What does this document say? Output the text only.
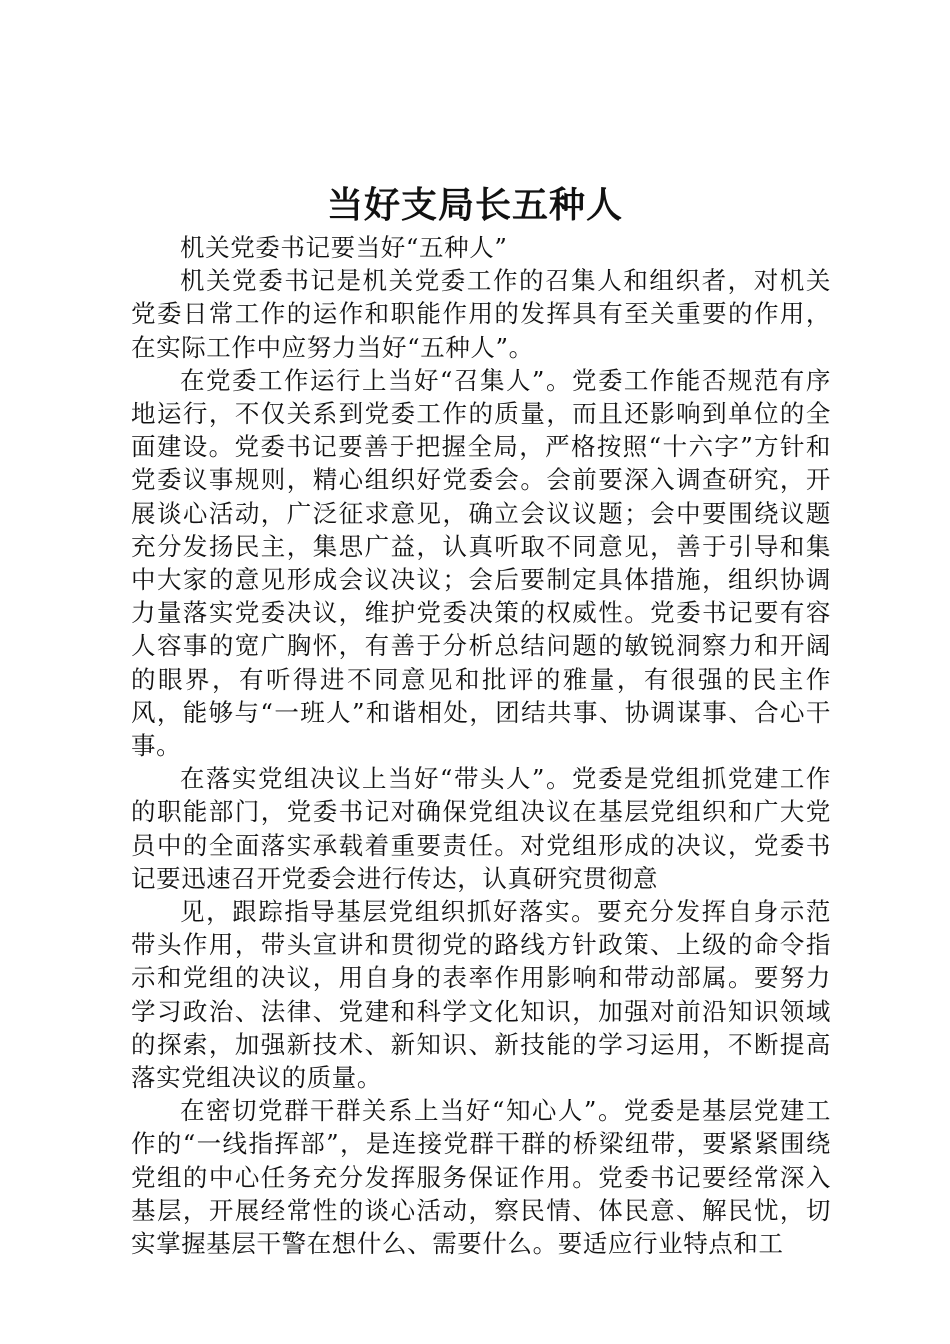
当好支局长五种人

机关党委书记要当好“五种人”

机关党委书记是机关党委工作的召集人和组织者，对机关党委日常工作的运作和职能作用的发挥具有至关重要的作用，在实际工作中应努力当好“五种人”。

在党委工作运行上当好“召集人”。党委工作能否规范有序地运行，不仅关系到党委工作的质量，而且还影响到单位的全面建设。党委书记要善于把握全局，严格按照“十六字”方针和党委议事规则，精心组织好党委会。会前要深入调查研究，开展谈心活动，广泛征求意见，确立会议议题；会中要围绕议题充分发扬民主，集思广益，认真听取不同意见，善于引导和集中大家的意见形成会议决议；会后要制定具体措施，组织协调力量落实党委决议，维护党委决策的权威性。党委书记要有容人容事的宽广胸怀，有善于分析总结问题的敏锐洞察力和开阔的眼界，有听得进不同意见和批评的雅量，有很强的民主作风，能够与“一班人”和谐相处，团结共事、协调谋事、合心干事。

在落实党组决议上当好“带头人”。党委是党组抓党建工作的职能部门，党委书记对确保党组决议在基层党组织和广大党员中的全面落实承载着重要责任。对党组形成的决议，党委书记要迅速召开党委会进行传达，认真研究贯彻意

见，跟踪指导基层党组织抓好落实。要充分发挥自身示范带头作用，带头宣讲和贯彻党的路线方针政策、上级的命令指示和党组的决议，用自身的表率作用影响和带动部属。要努力学习政治、法律、党建和科学文化知识，加强对前沿知识领域的探索，加强新技术、新知识、新技能的学习运用，不断提高落实党组决议的质量。

在密切党群干群关系上当好“知心人”。党委是基层党建工作的“一线指挥部”，是连接党群干群的桥梁纽带，要紧紧围绕党组的中心任务充分发挥服务保证作用。党委书记要经常深入基层，开展经常性的谈心活动，察民情、体民意、解民忧，切实掌握基层干警在想什么、需要什么。要适应行业特点和工
